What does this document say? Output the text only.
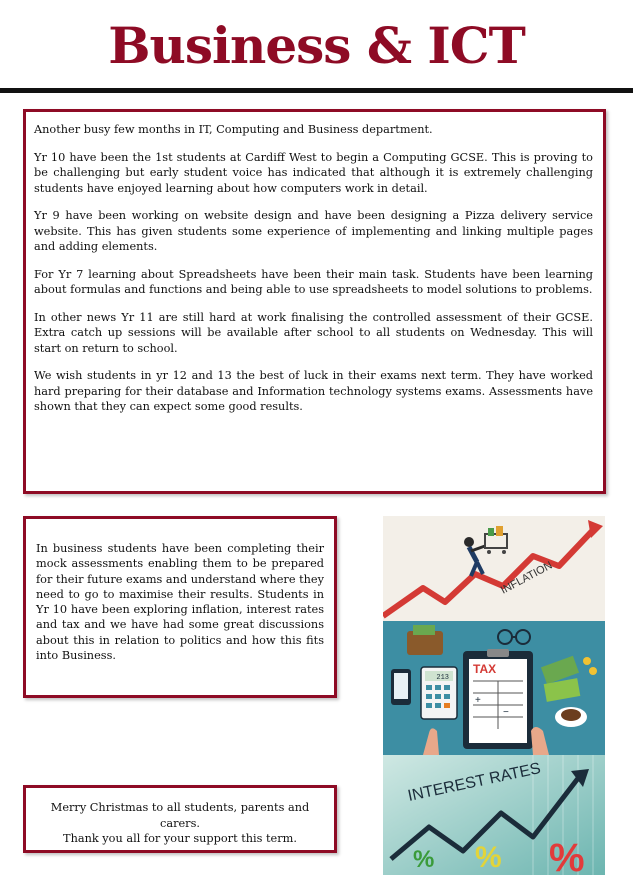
Business & ICT

Another busy few months in IT, Computing and Business department.

Yr 10 have been the 1st students at Cardiff West to begin a Computing GCSE. This is proving to be challenging but early student voice has indicated that although it is extremely challenging students have enjoyed learning about how computers work in detail.

Yr 9 have been working on website design and have been designing a Pizza delivery service website. This has given students some experience of implementing and linking multiple pages and adding elements.

For Yr 7 learning about Spreadsheets have been their main task. Students have been learning about formulas and functions and being able to use spreadsheets to model solutions to problems.

In other news Yr 11 are still hard at work finalising the controlled assessment of their GCSE. Extra catch up sessions will be available after school to all students on Wednesday. This will start on return to school.

We wish students in yr 12 and 13 the best of luck in their exams next term. They have worked hard preparing for their database and Information technology systems exams. Assessments have shown that they can expect some good results.

In business students have been completing their mock assessments enabling them to be prepared for their future exams and understand where they need to go to maximise their results. Students in Yr 10 have been exploring inflation, interest rates and tax and we have had some great discussions about this in relation to politics and how this fits into Business.

Merry Christmas to all students, parents and carers.

Thank you all for your support this term.

INFLATION
213
TAX
+
−
INTEREST RATES
% % %
